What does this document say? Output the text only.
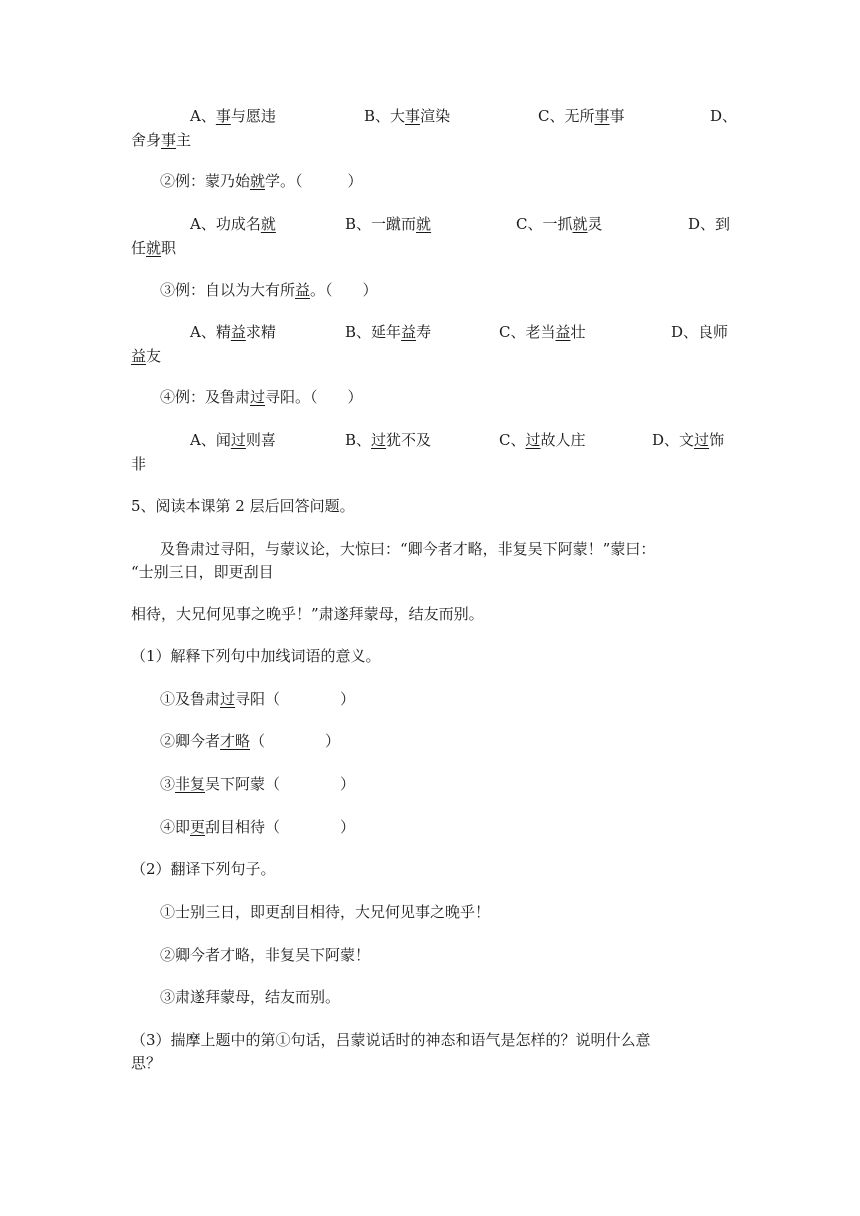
A、事与愿违	B、大事渲染	C、无所事事	D、
舍身事主
②例：蒙乃始就学。（　　　）
A、功成名就	B、一蹴而就	C、一抓就灵	D、到
任就职
③例：自以为大有所益。（　　）
A、精益求精	B、延年益寿	C、老当益壮	D、良师
益友
④例：及鲁肃过寻阳。（　　）
A、闻过则喜	B、过犹不及	C、过故人庄	D、文过饰
非
5、阅读本课第 2 层后回答问题。
及鲁肃过寻阳，与蒙议论，大惊曰：“卿今者才略，非复吴下阿蒙！”蒙曰：
“士别三日，即更刮目
相待，大兄何见事之晚乎！”肃遂拜蒙母，结友而别。
（1）解释下列句中加线词语的意义。
①及鲁肃过寻阳（　　　　）
②卿今者才略（　　　　）
③非复吴下阿蒙（　　　　）
④即更刮目相待（　　　　）
（2）翻译下列句子。
①士别三日，即更刮目相待，大兄何见事之晚乎！
②卿今者才略，非复吴下阿蒙！
③肃遂拜蒙母，结友而别。
（3）揣摩上题中的第①句话，吕蒙说话时的神态和语气是怎样的？说明什么意
思？
